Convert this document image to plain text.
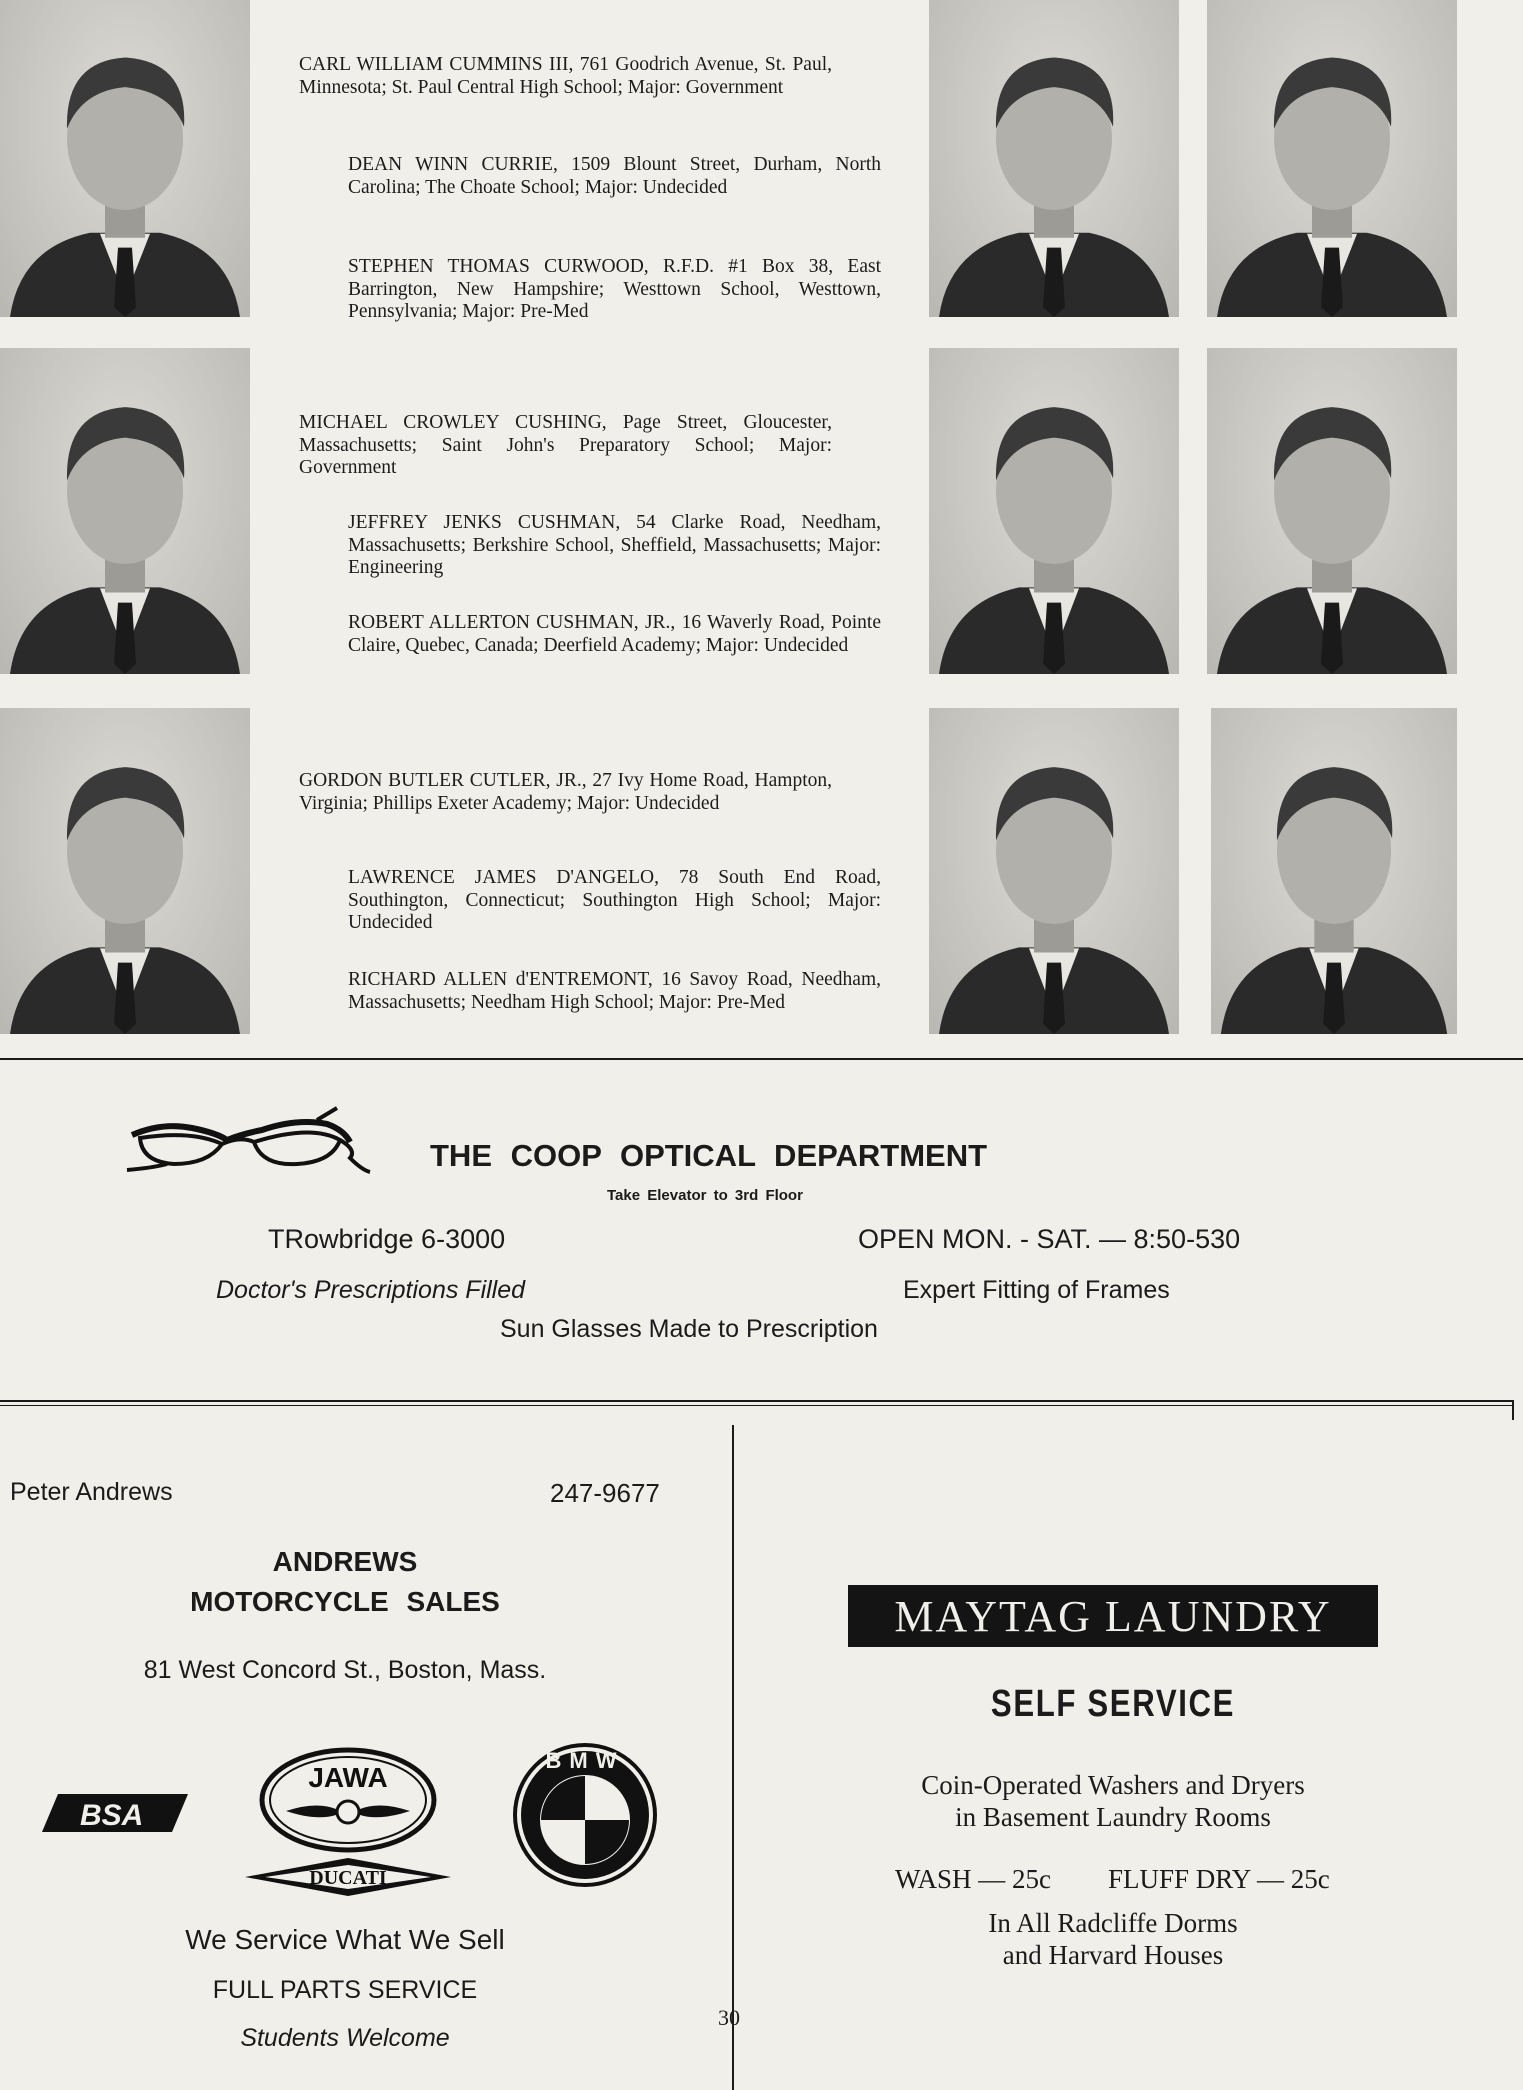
CARL WILLIAM CUMMINS III, 761 Goodrich Avenue, St. Paul, Minnesota; St. Paul Central High School; Major: Government

DEAN WINN CURRIE, 1509 Blount Street, Durham, North Carolina; The Choate School; Major: Undecided

STEPHEN THOMAS CURWOOD, R.F.D. #1 Box 38, East Barrington, New Hampshire; Westtown School, Westtown, Pennsylvania; Major: Pre-Med

MICHAEL CROWLEY CUSHING, Page Street, Gloucester, Massachusetts; Saint John's Preparatory School; Major: Government

JEFFREY JENKS CUSHMAN, 54 Clarke Road, Needham, Massachusetts; Berkshire School, Sheffield, Massachusetts; Major: Engineering

ROBERT ALLERTON CUSHMAN, JR., 16 Waverly Road, Pointe Claire, Quebec, Canada; Deerfield Academy; Major: Undecided

GORDON BUTLER CUTLER, JR., 27 Ivy Home Road, Hampton, Virginia; Phillips Exeter Academy; Major: Undecided

LAWRENCE JAMES D'ANGELO, 78 South End Road, Southington, Connecticut; Southington High School; Major: Undecided

RICHARD ALLEN d'ENTREMONT, 16 Savoy Road, Needham, Massachusetts; Needham High School; Major: Pre-Med

THE COOP OPTICAL DEPARTMENT
Take Elevator to 3rd Floor
TRowbridge 6-3000	OPEN MON. - SAT. — 8:50-530
Doctor's Prescriptions Filled	Expert Fitting of Frames
Sun Glasses Made to Prescription
Peter Andrews	247-9677
ANDREWS
MOTORCYCLE SALES
81 West Concord St., Boston, Mass.
BSA
JAWA
DUCATI
BMW
We Service What We Sell
FULL PARTS SERVICE
Students Welcome
30
MAYTAG LAUNDRY
SELF SERVICE
Coin-Operated Washers and Dryers
in Basement Laundry Rooms
WASH — 25c FLUFF DRY — 25c
In All Radcliffe Dorms
and Harvard Houses
